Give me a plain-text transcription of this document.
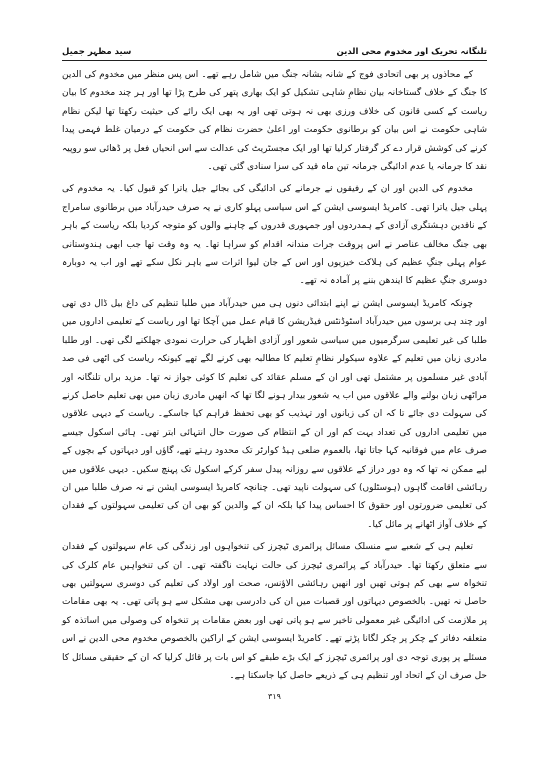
تلنگانہ تحریک اور مخدوم محی الدین
سید مظہر جمیل

کے محاذوں پر بھی اتحادی فوج کے شانہ بشانہ جنگ میں شامل رہے تھے۔ اس پس منظر میں مخدوم کی الدین کا جنگ کے خلاف گستاخانہ بیان نظامِ شاہی تشکیل کو ایک بھاری پتھر کی طرح پڑا تھا اور ہر چند مخدوم کا بیان ریاست کے کسی قانون کی خلاف ورزی بھی نہ ہوتی تھی اور یہ بھی ایک رائے کی حیثیت رکھتا تھا لیکن نظام شاہی حکومت نے اس بیان کو برطانوی حکومت اور اعلیٰ حضرت نظام کی حکومت کے درمیان غلط فہمی پیدا کرنے کی کوشش قرار دے کر گرفتار کرلیا تھا اور ایک مجسٹریٹ کی عدالت سے اس انحیاں فعل پر ڈھائی سو روپیہ نقد کا جرمانہ یا عدم ادائیگی جرمانہ تین ماہ قید کی سزا سنادی گئی تھی۔

مخدوم کی الدین اور ان کے رفیقوں نے جرمانے کی ادائیگی کی بجائے جیل یاترا کو قبول کیا۔ یہ مخدوم کی پہلی جیل یاترا تھی۔ کامریڈ ایسوسی ایشن کے اس سیاسی پہلو کاری نے یہ صرف حیدرآباد میں برطانوی سامراج کے ناقدین دہشتگری آزادی کے ہمدردوں اور جمہوری قدروں کے چاہنے والوں کو متوجہ کردیا بلکہ ریاست کے باہر بھی جنگ مخالف عناصر نے اس پروقت جرات مندانہ اقدام کو سراہا تھا۔ یہ وہ وقت تھا جب ابھی ہندوستانی عوام پہلی جنگِ عظیم کی ہلاکت خیزیوں اور اس کے جان لیوا اثرات سے باہر نکل سکے تھے اور اب یہ دوبارہ دوسری جنگِ عظیم کا ایندھن بننے پر آمادہ نہ تھے۔

چونکہ کامریڈ ایسوسی ایشن نے اپنے ابتدائی دنوں ہی میں حیدرآباد میں طلبا تنظیم کی داغ بیل ڈال دی تھی اور چند ہی برسوں میں حیدرآباد اسٹوڈنٹس فیڈریشن کا قیام عمل میں آچکا تھا اور ریاست کے تعلیمی اداروں میں طلبا کی غیر تعلیمی سرگرمیوں میں سیاسی شعور اور آزادی اظہار کی حرارت نمودی جھلکنے لگی تھی۔ اور طلبا مادری زبان میں تعلیم کے علاوہ سیکولر نظامِ تعلیم کا مطالبہ بھی کرنے لگے تھے کیونکہ ریاست کی اٹھی فی صد آبادی غیر مسلموں پر مشتمل تھی اور ان کے مسلم عقائد کی تعلیم کا کوئی جواز نہ تھا۔ مزید براں تلنگانہ اور مراٹھی زبان بولنے والے علاقوں میں اب یہ شعور بیدار ہونے لگا تھا کہ انھیں مادری زبان میں بھی تعلیم حاصل کرنے کی سہولت دی جائے تا کہ ان کی زبانوں اور تہذیب کو بھی تحفظ فراہم کیا جاسکے۔ ریاست کے دیہی علاقوں میں تعلیمی اداروں کی تعداد بہت کم اور ان کے انتظام کی صورت حال انتہائی ابتر تھی۔ ہائی اسکول جیسے صرف عام میں فوقانیہ کہا جاتا تھا، بالعموم ضلعی ہیڈ کوارٹر تک محدود رہتے تھے، گاؤں اور دیہاتوں کے بچوں کے لیے ممکن نہ تھا کہ وہ دور دراز کے علاقوں سے روزانہ پیدل سفر کرکے اسکول تک پہنچ سکیں۔ دیہی علاقوں میں رہائشی اقامت گاہوں (ہوسٹلوں) کی سہولت ناپید تھی۔ چنانچہ کامریڈ ایسوسی ایشن نے نہ صرف طلبا میں ان کی تعلیمی ضرورتوں اور حقوق کا احساس پیدا کیا بلکہ ان کے والدین کو بھی ان کی تعلیمی سہولتوں کے فقدان کے خلاف آواز اٹھانے پر مائل کیا۔

تعلیم ہی کے شعبے سے منسلک مسائل پرائمری ٹیچرز کی تنخواہوں اور زندگی کی عام سہولتوں کے فقدان سے متعلق رکھتا تھا۔ حیدرآباد کے پرائمری ٹیچرز کی حالت نہایت ناگفتہ تھی۔ ان کی تنخواہیں عام کلرک کی تنخواہ سے بھی کم ہوتی تھیں اور انھیں رہائشی الاؤنس، صحت اور اولاد کی تعلیم کی دوسری سہولتیں بھی حاصل نہ تھیں۔ بالخصوص دیہاتوں اور قصبات میں ان کی دادرسی بھی مشکل سے ہو پاتی تھی۔ یہ بھی مقامات پر ملازمت کی ادائیگی غیر معمولی تاخیر سے ہو پاتی تھی اور بعض مقامات پر تنخواہ کی وصولی میں اساتذہ کو متعلقہ دفاتر کے چکر پر چکر لگانا پڑتے تھے۔ کامریڈ ایسوسی ایشن کے اراکین بالخصوص مخدوم محی الدین نے اس مسئلے پر پوری توجہ دی اور پرائمری ٹیچرز کے ایک بڑے طبقے کو اس بات پر قائل کرلیا کہ ان کے حقیقی مسائل کا حل صرف ان کے اتحاد اور تنظیم ہی کے ذریعے حاصل کیا جاسکتا ہے۔

۳۱۹
